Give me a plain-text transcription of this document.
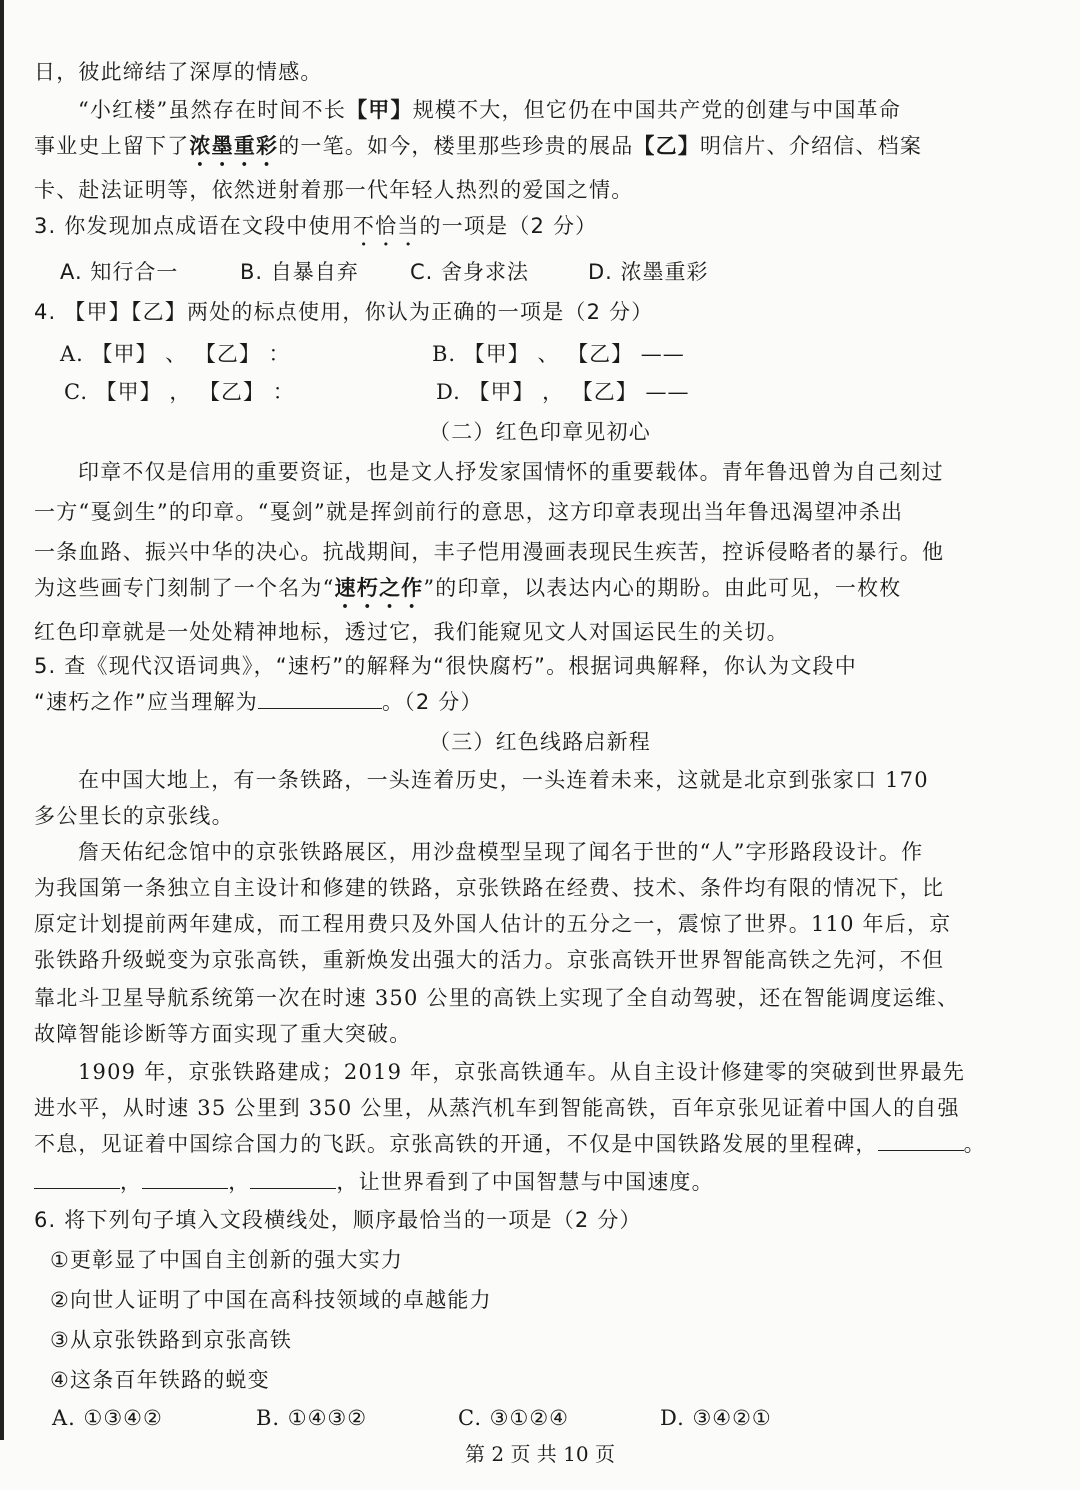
日，彼此缔结了深厚的情感。
“小红楼”虽然存在时间不长【甲】规模不大，但它仍在中国共产党的创建与中国革命
事业史上留下了浓墨重彩的一笔。如今，楼里那些珍贵的展品【乙】明信片、介绍信、档案
卡、赴法证明等，依然迸射着那一代年轻人热烈的爱国之情。
3. 你发现加点成语在文段中使用不恰当的一项是（2 分）
A. 知行合一	B. 自暴自弃 C. 舍身求法	D. 浓墨重彩
4. 【甲】【乙】两处的标点使用，你认为正确的一项是（2 分）
A. 【甲】 、 【乙】 ：	B. 【甲】 、 【乙】 ——
C. 【甲】 ， 【乙】 ：	D. 【甲】 ， 【乙】 ——
（二）红色印章见初心
印章不仅是信用的重要资证，也是文人抒发家国情怀的重要载体。青年鲁迅曾为自己刻过
一方“戛剑生”的印章。“戛剑”就是挥剑前行的意思，这方印章表现出当年鲁迅渴望冲杀出
一条血路、振兴中华的决心。抗战期间，丰子恺用漫画表现民生疾苦，控诉侵略者的暴行。他
为这些画专门刻制了一个名为“速朽之作”的印章，以表达内心的期盼。由此可见，一枚枚
红色印章就是一处处精神地标，透过它，我们能窥见文人对国运民生的关切。
5. 查《现代汉语词典》，“速朽”的解释为“很快腐朽”。根据词典解释，你认为文段中
“速朽之作”应当理解为	。（2 分）
（三）红色线路启新程
在中国大地上，有一条铁路，一头连着历史，一头连着未来，这就是北京到张家口 170
多公里长的京张线。
詹天佑纪念馆中的京张铁路展区，用沙盘模型呈现了闻名于世的“人”字形路段设计。作
为我国第一条独立自主设计和修建的铁路，京张铁路在经费、技术、条件均有限的情况下，比
原定计划提前两年建成，而工程用费只及外国人估计的五分之一，震惊了世界。110 年后，京
张铁路升级蜕变为京张高铁，重新焕发出强大的活力。京张高铁开世界智能高铁之先河，不但
靠北斗卫星导航系统第一次在时速 350 公里的高铁上实现了全自动驾驶，还在智能调度运维、
故障智能诊断等方面实现了重大突破。
1909 年，京张铁路建成；2019 年，京张高铁通车。从自主设计修建零的突破到世界最先
进水平，从时速 35 公里到 350 公里，从蒸汽机车到智能高铁，百年京张见证着中国人的自强
不息，见证着中国综合国力的飞跃。京张高铁的开通，不仅是中国铁路发展的里程碑，	。
，	，	，让世界看到了中国智慧与中国速度。
6. 将下列句子填入文段横线处，顺序最恰当的一项是（2 分）
①更彰显了中国自主创新的强大实力
②向世人证明了中国在高科技领域的卓越能力
③从京张铁路到京张高铁
④这条百年铁路的蜕变
A. ①③④②	B. ①④③②	C. ③①②④	D. ③④②①
第 2 页 共 10 页
